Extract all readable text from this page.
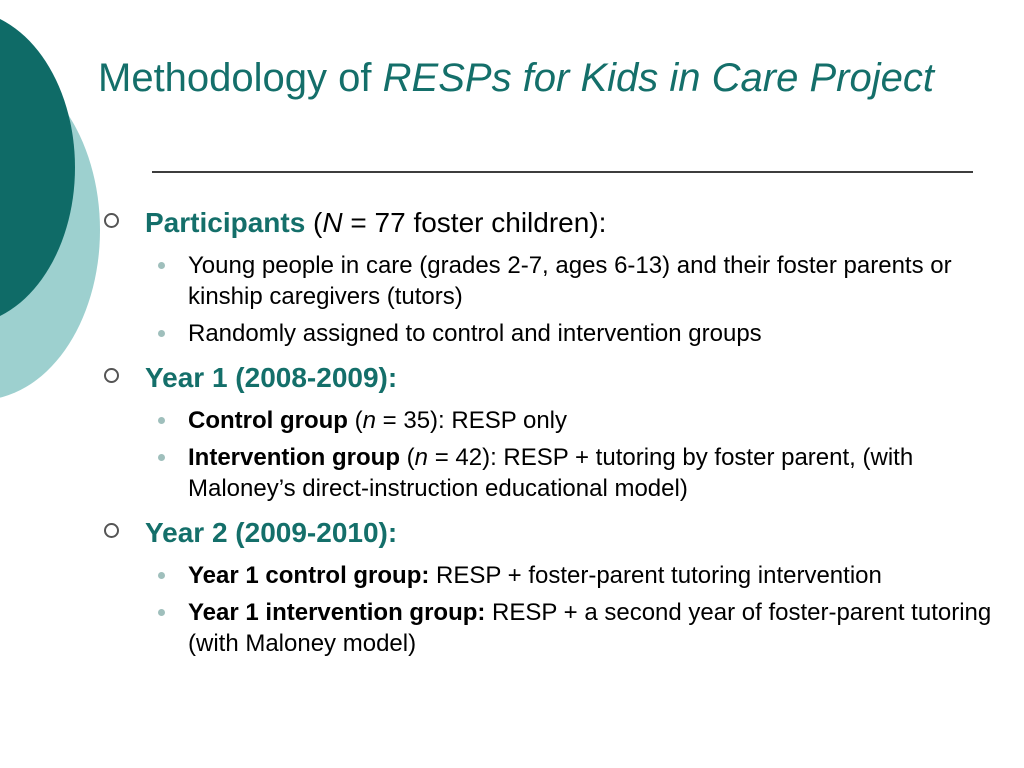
Methodology of RESPs for Kids in Care Project
Participants (N = 77 foster children):
Young people in care (grades 2-7, ages 6-13) and their foster parents or kinship caregivers (tutors)
Randomly assigned to control and intervention groups
Year 1 (2008-2009):
Control group (n = 35): RESP only
Intervention group (n = 42): RESP + tutoring by foster parent, (with Maloney’s direct-instruction educational model)
Year 2 (2009-2010):
Year 1 control group: RESP + foster-parent tutoring intervention
Year 1 intervention group: RESP + a second year of foster-parent tutoring (with Maloney model)
